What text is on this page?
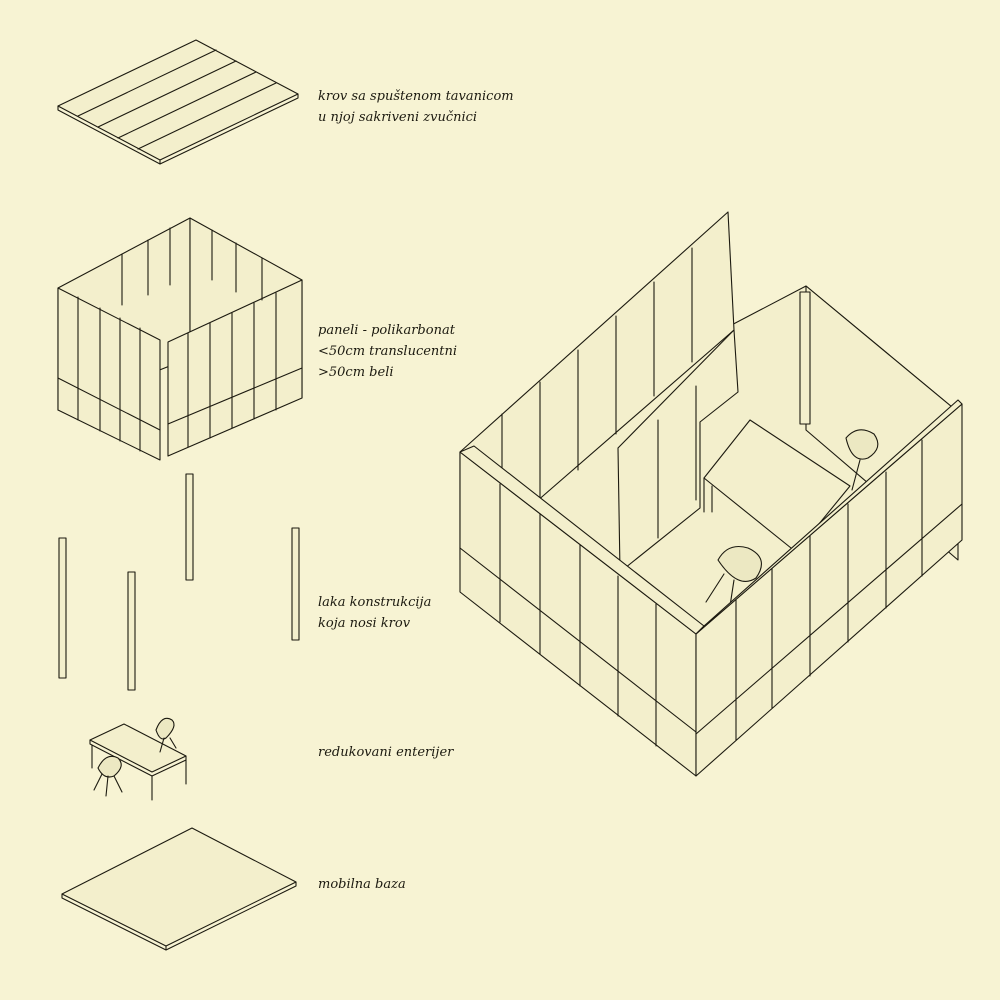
krov sa spuštenom tavanicom
u njoj sakriveni zvučnici
paneli - polikarbonat
<50cm translucentni
>50cm beli
laka konstrukcija
koja nosi krov
redukovani enterijer
mobilna baza
